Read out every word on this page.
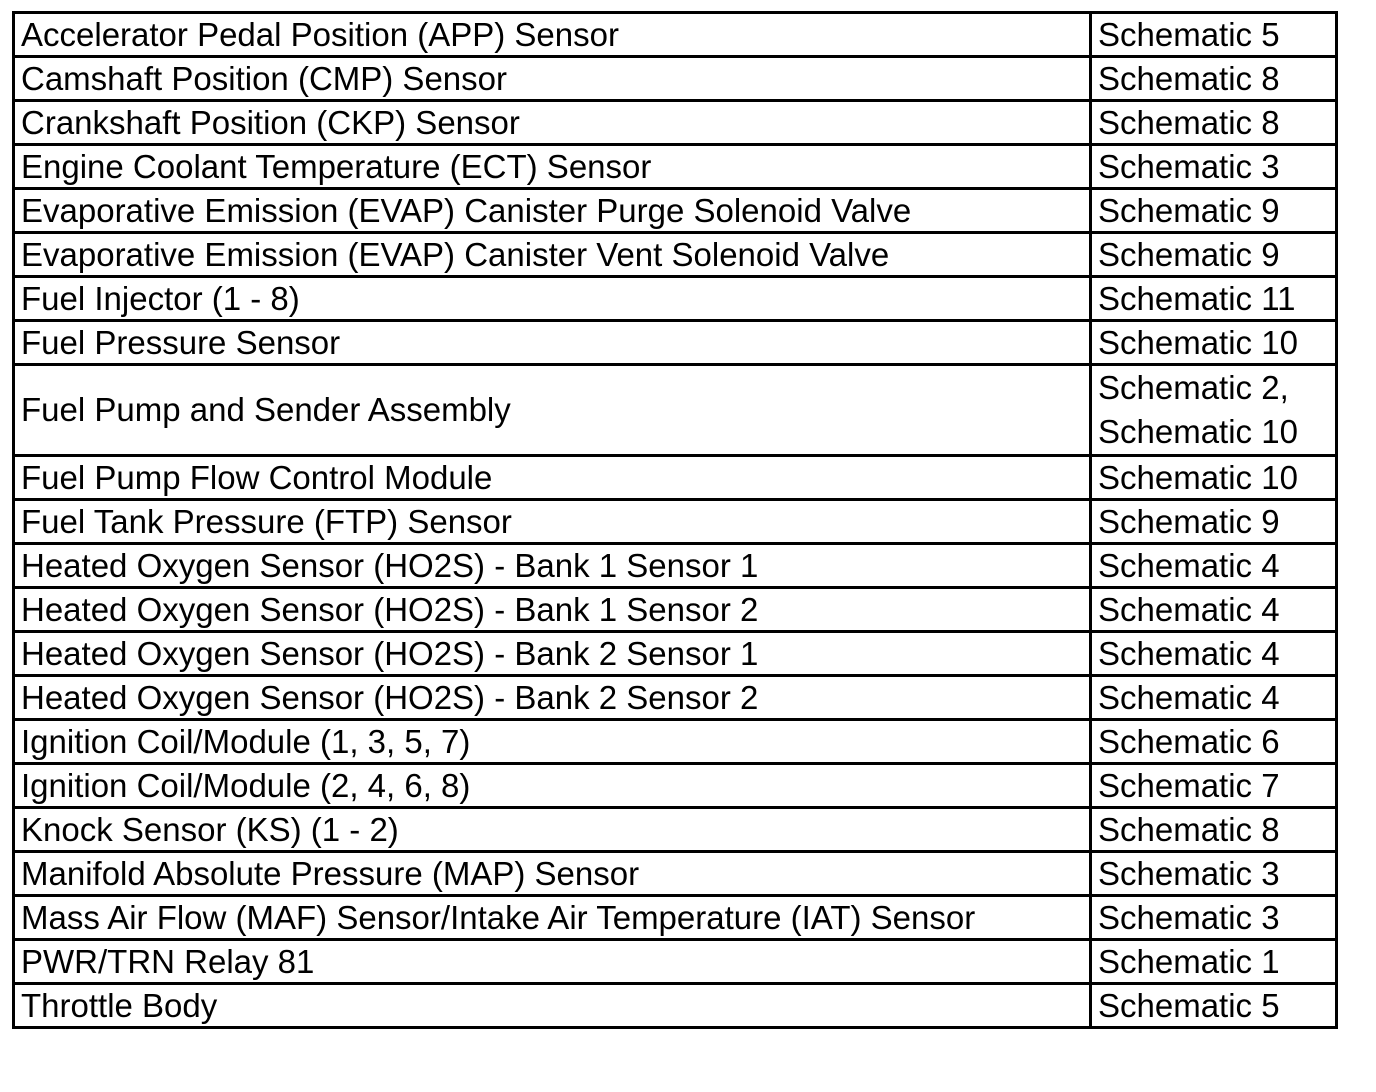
Accelerator Pedal Position (APP) Sensor	Schematic 5

Camshaft Position (CMP) Sensor	Schematic 8

Crankshaft Position (CKP) Sensor	Schematic 8

Engine Coolant Temperature (ECT) Sensor	Schematic 3

Evaporative Emission (EVAP) Canister Purge Solenoid Valve	Schematic 9

Evaporative Emission (EVAP) Canister Vent Solenoid Valve	Schematic 9

Fuel Injector (1 - 8)	Schematic 11

Fuel Pressure Sensor	Schematic 10

Fuel Pump and Sender Assembly	Schematic 2,
Schematic 10

Fuel Pump Flow Control Module	Schematic 10

Fuel Tank Pressure (FTP) Sensor	Schematic 9

Heated Oxygen Sensor (HO2S) - Bank 1 Sensor 1	Schematic 4

Heated Oxygen Sensor (HO2S) - Bank 1 Sensor 2	Schematic 4

Heated Oxygen Sensor (HO2S) - Bank 2 Sensor 1	Schematic 4

Heated Oxygen Sensor (HO2S) - Bank 2 Sensor 2	Schematic 4

Ignition Coil/Module (1, 3, 5, 7)	Schematic 6

Ignition Coil/Module (2, 4, 6, 8)	Schematic 7

Knock Sensor (KS) (1 - 2)	Schematic 8

Manifold Absolute Pressure (MAP) Sensor	Schematic 3

Mass Air Flow (MAF) Sensor/Intake Air Temperature (IAT) Sensor	Schematic 3

PWR/TRN Relay 81	Schematic 1

Throttle Body	Schematic 5
